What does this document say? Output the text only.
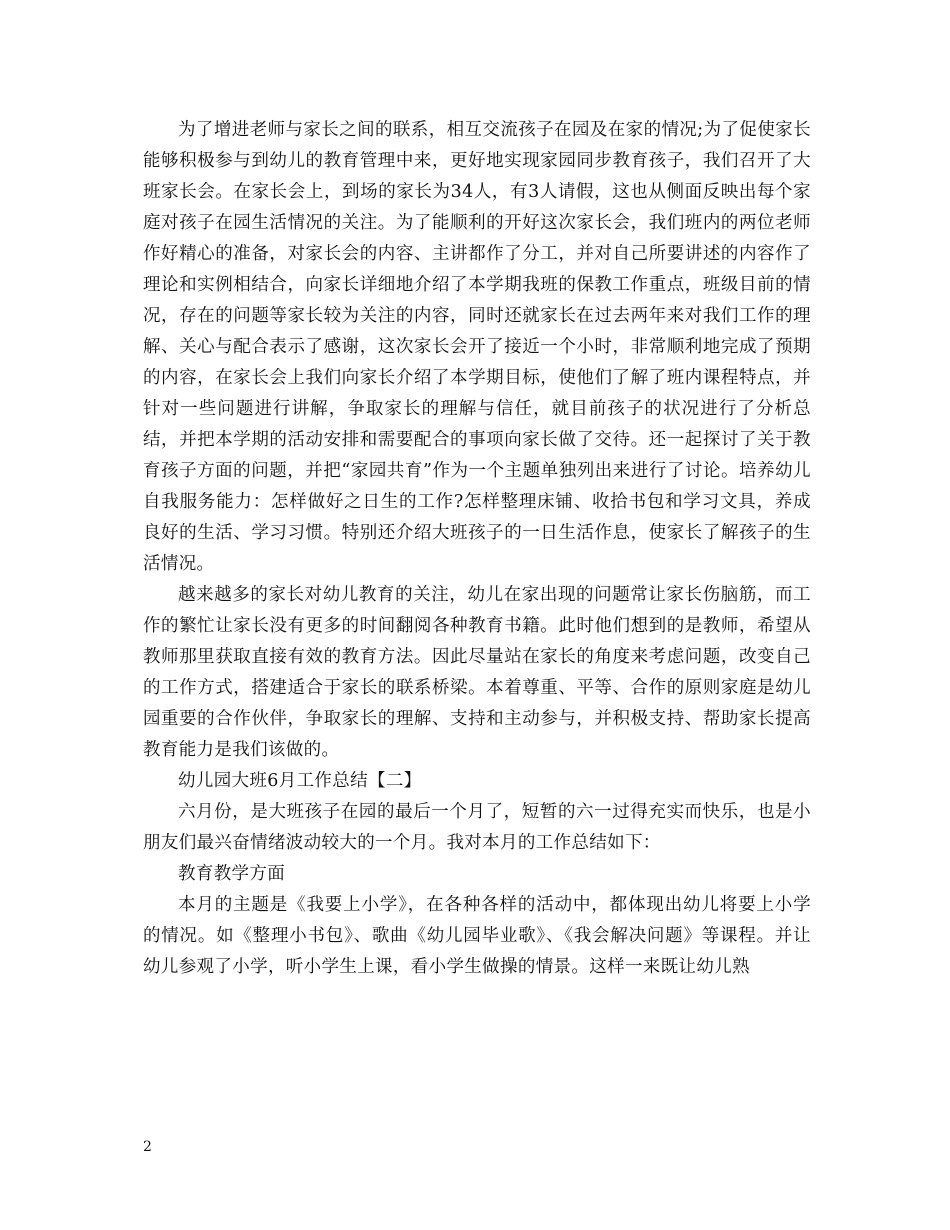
为了增进老师与家长之间的联系，相互交流孩子在园及在家的情况;为了促使家长能够积极参与到幼儿的教育管理中来，更好地实现家园同步教育孩子，我们召开了大班家长会。在家长会上，到场的家长为34人，有3人请假，这也从侧面反映出每个家庭对孩子在园生活情况的关注。为了能顺利的开好这次家长会，我们班内的两位老师作好精心的准备，对家长会的内容、主讲都作了分工，并对自己所要讲述的内容作了理论和实例相结合，向家长详细地介绍了本学期我班的保教工作重点，班级目前的情况，存在的问题等家长较为关注的内容，同时还就家长在过去两年来对我们工作的理解、关心与配合表示了感谢，这次家长会开了接近一个小时，非常顺利地完成了预期的内容，在家长会上我们向家长介绍了本学期目标，使他们了解了班内课程特点，并针对一些问题进行讲解，争取家长的理解与信任，就目前孩子的状况进行了分析总结，并把本学期的活动安排和需要配合的事项向家长做了交待。还一起探讨了关于教育孩子方面的问题，并把“家园共育”作为一个主题单独列出来进行了讨论。培养幼儿自我服务能力：怎样做好之日生的工作?怎样整理床铺、收拾书包和学习文具，养成良好的生活、学习习惯。特别还介绍大班孩子的一日生活作息，使家长了解孩子的生活情况。

越来越多的家长对幼儿教育的关注，幼儿在家出现的问题常让家长伤脑筋，而工作的繁忙让家长没有更多的时间翻阅各种教育书籍。此时他们想到的是教师，希望从教师那里获取直接有效的教育方法。因此尽量站在家长的角度来考虑问题，改变自己的工作方式，搭建适合于家长的联系桥梁。本着尊重、平等、合作的原则家庭是幼儿园重要的合作伙伴，争取家长的理解、支持和主动参与，并积极支持、帮助家长提高教育能力是我们该做的。

幼儿园大班6月工作总结【二】

六月份，是大班孩子在园的最后一个月了，短暂的六一过得充实而快乐，也是小朋友们最兴奋情绪波动较大的一个月。我对本月的工作总结如下：

教育教学方面

本月的主题是《我要上小学》，在各种各样的活动中，都体现出幼儿将要上小学的情况。如《整理小书包》、歌曲《幼儿园毕业歌》、《我会解决问题》等课程。并让幼儿参观了小学，听小学生上课，看小学生做操的情景。这样一来既让幼儿熟

2
